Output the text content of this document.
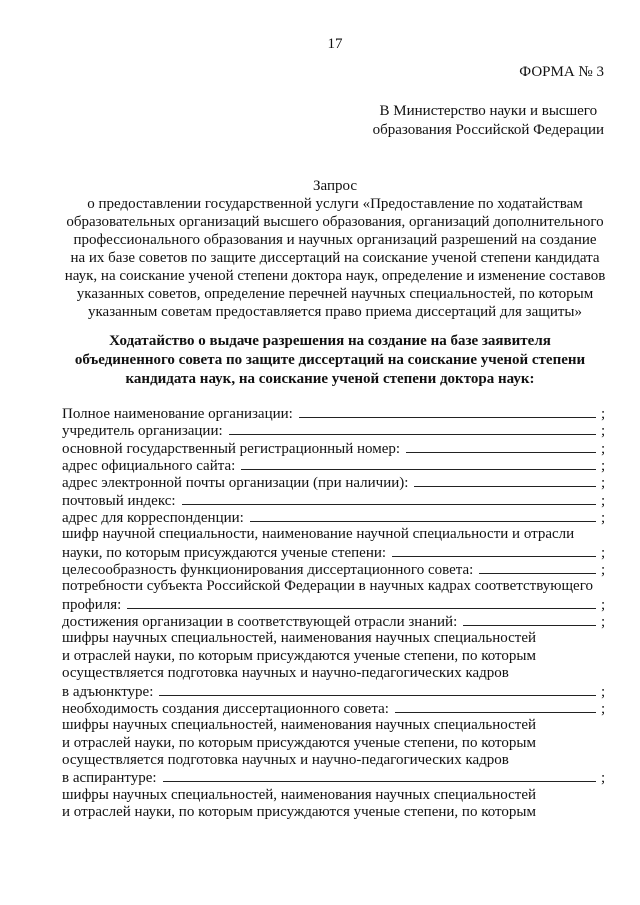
17
ФОРМА № 3
В Министерство науки и высшего
образования Российской Федерации
Запрос
о предоставлении государственной услуги «Предоставление по ходатайствам
образовательных организаций высшего образования, организаций дополнительного
профессионального образования и научных организаций разрешений на создание
на их базе советов по защите диссертаций на соискание ученой степени кандидата
наук, на соискание ученой степени доктора наук, определение и изменение составов
указанных советов, определение перечней научных специальностей, по которым
указанным советам предоставляется право приема диссертаций для защиты»
Ходатайство о выдаче разрешения на создание на базе заявителя
объединенного совета по защите диссертаций на соискание ученой степени
кандидата наук, на соискание ученой степени доктора наук:
Полное наименование организации:	;
учредитель организации:	;
основной государственный регистрационный номер:	;
адрес официального сайта:	;
адрес электронной почты организации (при наличии):	;
почтовый индекс:	;
адрес для корреспонденции:	;
шифр научной специальности, наименование научной специальности и отрасли
науки, по которым присуждаются ученые степени:	;
целесообразность функционирования диссертационного совета:	;
потребности субъекта Российской Федерации в научных кадрах соответствующего
профиля:	;
достижения организации в соответствующей отрасли знаний:	;
шифры научных специальностей, наименования научных специальностей
и отраслей науки, по которым присуждаются ученые степени, по которым
осуществляется подготовка научных и научно-педагогических кадров
в адъюнктуре:	;
необходимость создания диссертационного совета:	;
шифры научных специальностей, наименования научных специальностей
и отраслей науки, по которым присуждаются ученые степени, по которым
осуществляется подготовка научных и научно-педагогических кадров
в аспирантуре:	;
шифры научных специальностей, наименования научных специальностей
и отраслей науки, по которым присуждаются ученые степени, по которым
